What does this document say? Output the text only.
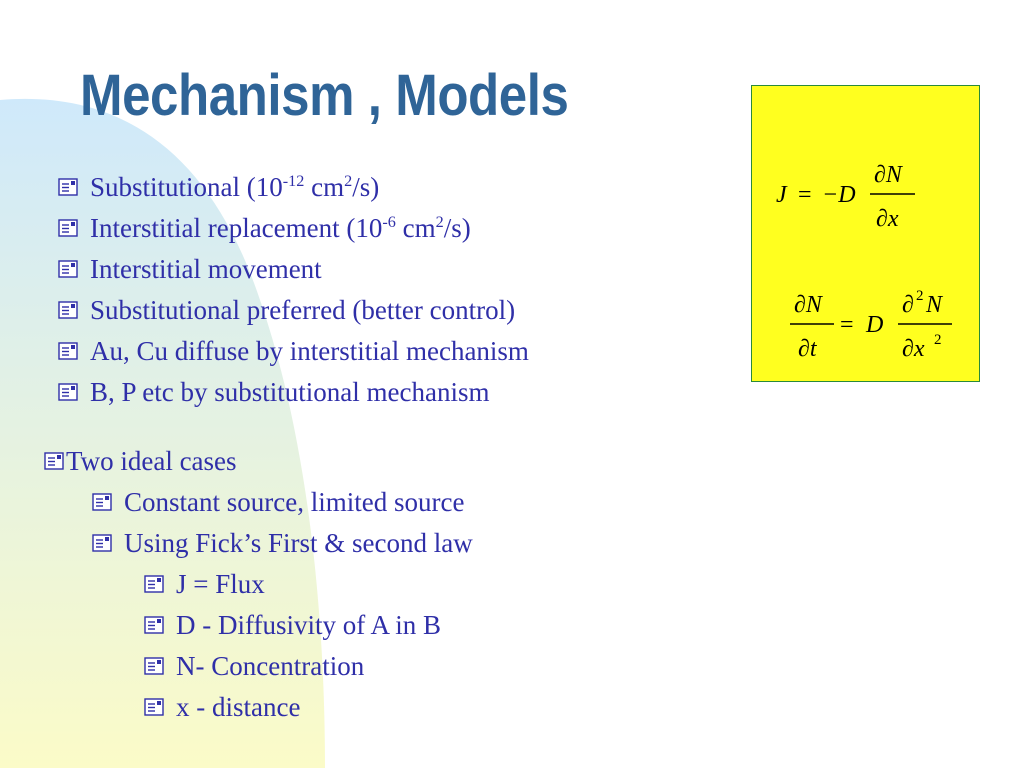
Mechanism , Models
Substitutional ($10^{-12}$ $cm^2/s$)
Interstitial replacement ($10^{-6}$ $cm^2/s$)
Interstitial movement
Substitutional preferred (better control)
Au, Cu diffuse by interstitial mechanism
B, P etc by substitutional mechanism
Two ideal cases
Constant source, limited source
Using Fick’s First & second law
J = Flux
D - Diffusivity of A in B
N- Concentration
x - distance
J = −D
∂N
∂x
∂N
∂t
= D
∂ 2 N
∂x 2
